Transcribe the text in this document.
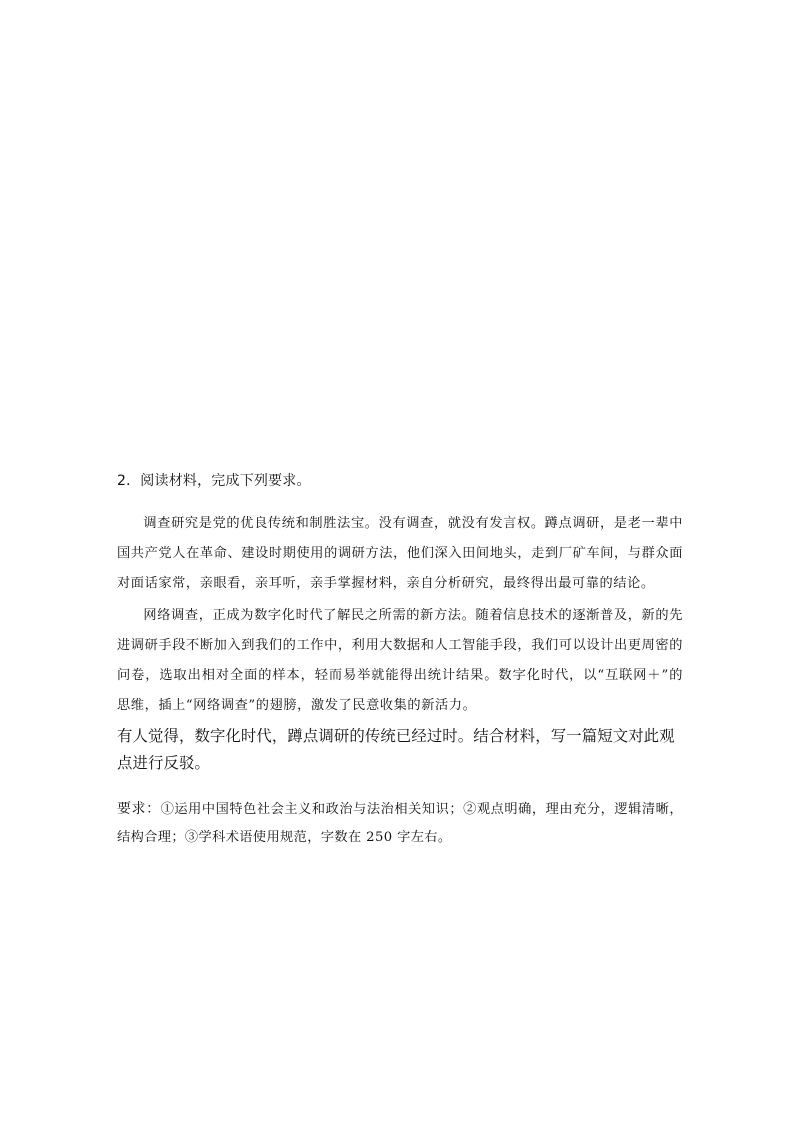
2．阅读材料，完成下列要求。

调查研究是党的优良传统和制胜法宝。没有调查，就没有发言权。蹲点调研，是老一辈中国共产党人在革命、建设时期使用的调研方法，他们深入田间地头，走到厂矿车间，与群众面对面话家常，亲眼看，亲耳听，亲手掌握材料，亲自分析研究，最终得出最可靠的结论。

网络调查，正成为数字化时代了解民之所需的新方法。随着信息技术的逐渐普及，新的先进调研手段不断加入到我们的工作中，利用大数据和人工智能手段，我们可以设计出更周密的问卷，选取出相对全面的样本，轻而易举就能得出统计结果。数字化时代，以“互联网＋”的思维，插上“网络调查”的翅膀，激发了民意收集的新活力。

有人觉得，数字化时代，蹲点调研的传统已经过时。结合材料，写一篇短文对此观点进行反驳。
要求：①运用中国特色社会主义和政治与法治相关知识；②观点明确，理由充分，逻辑清晰，结构合理；③学科术语使用规范，字数在 250 字左右。
